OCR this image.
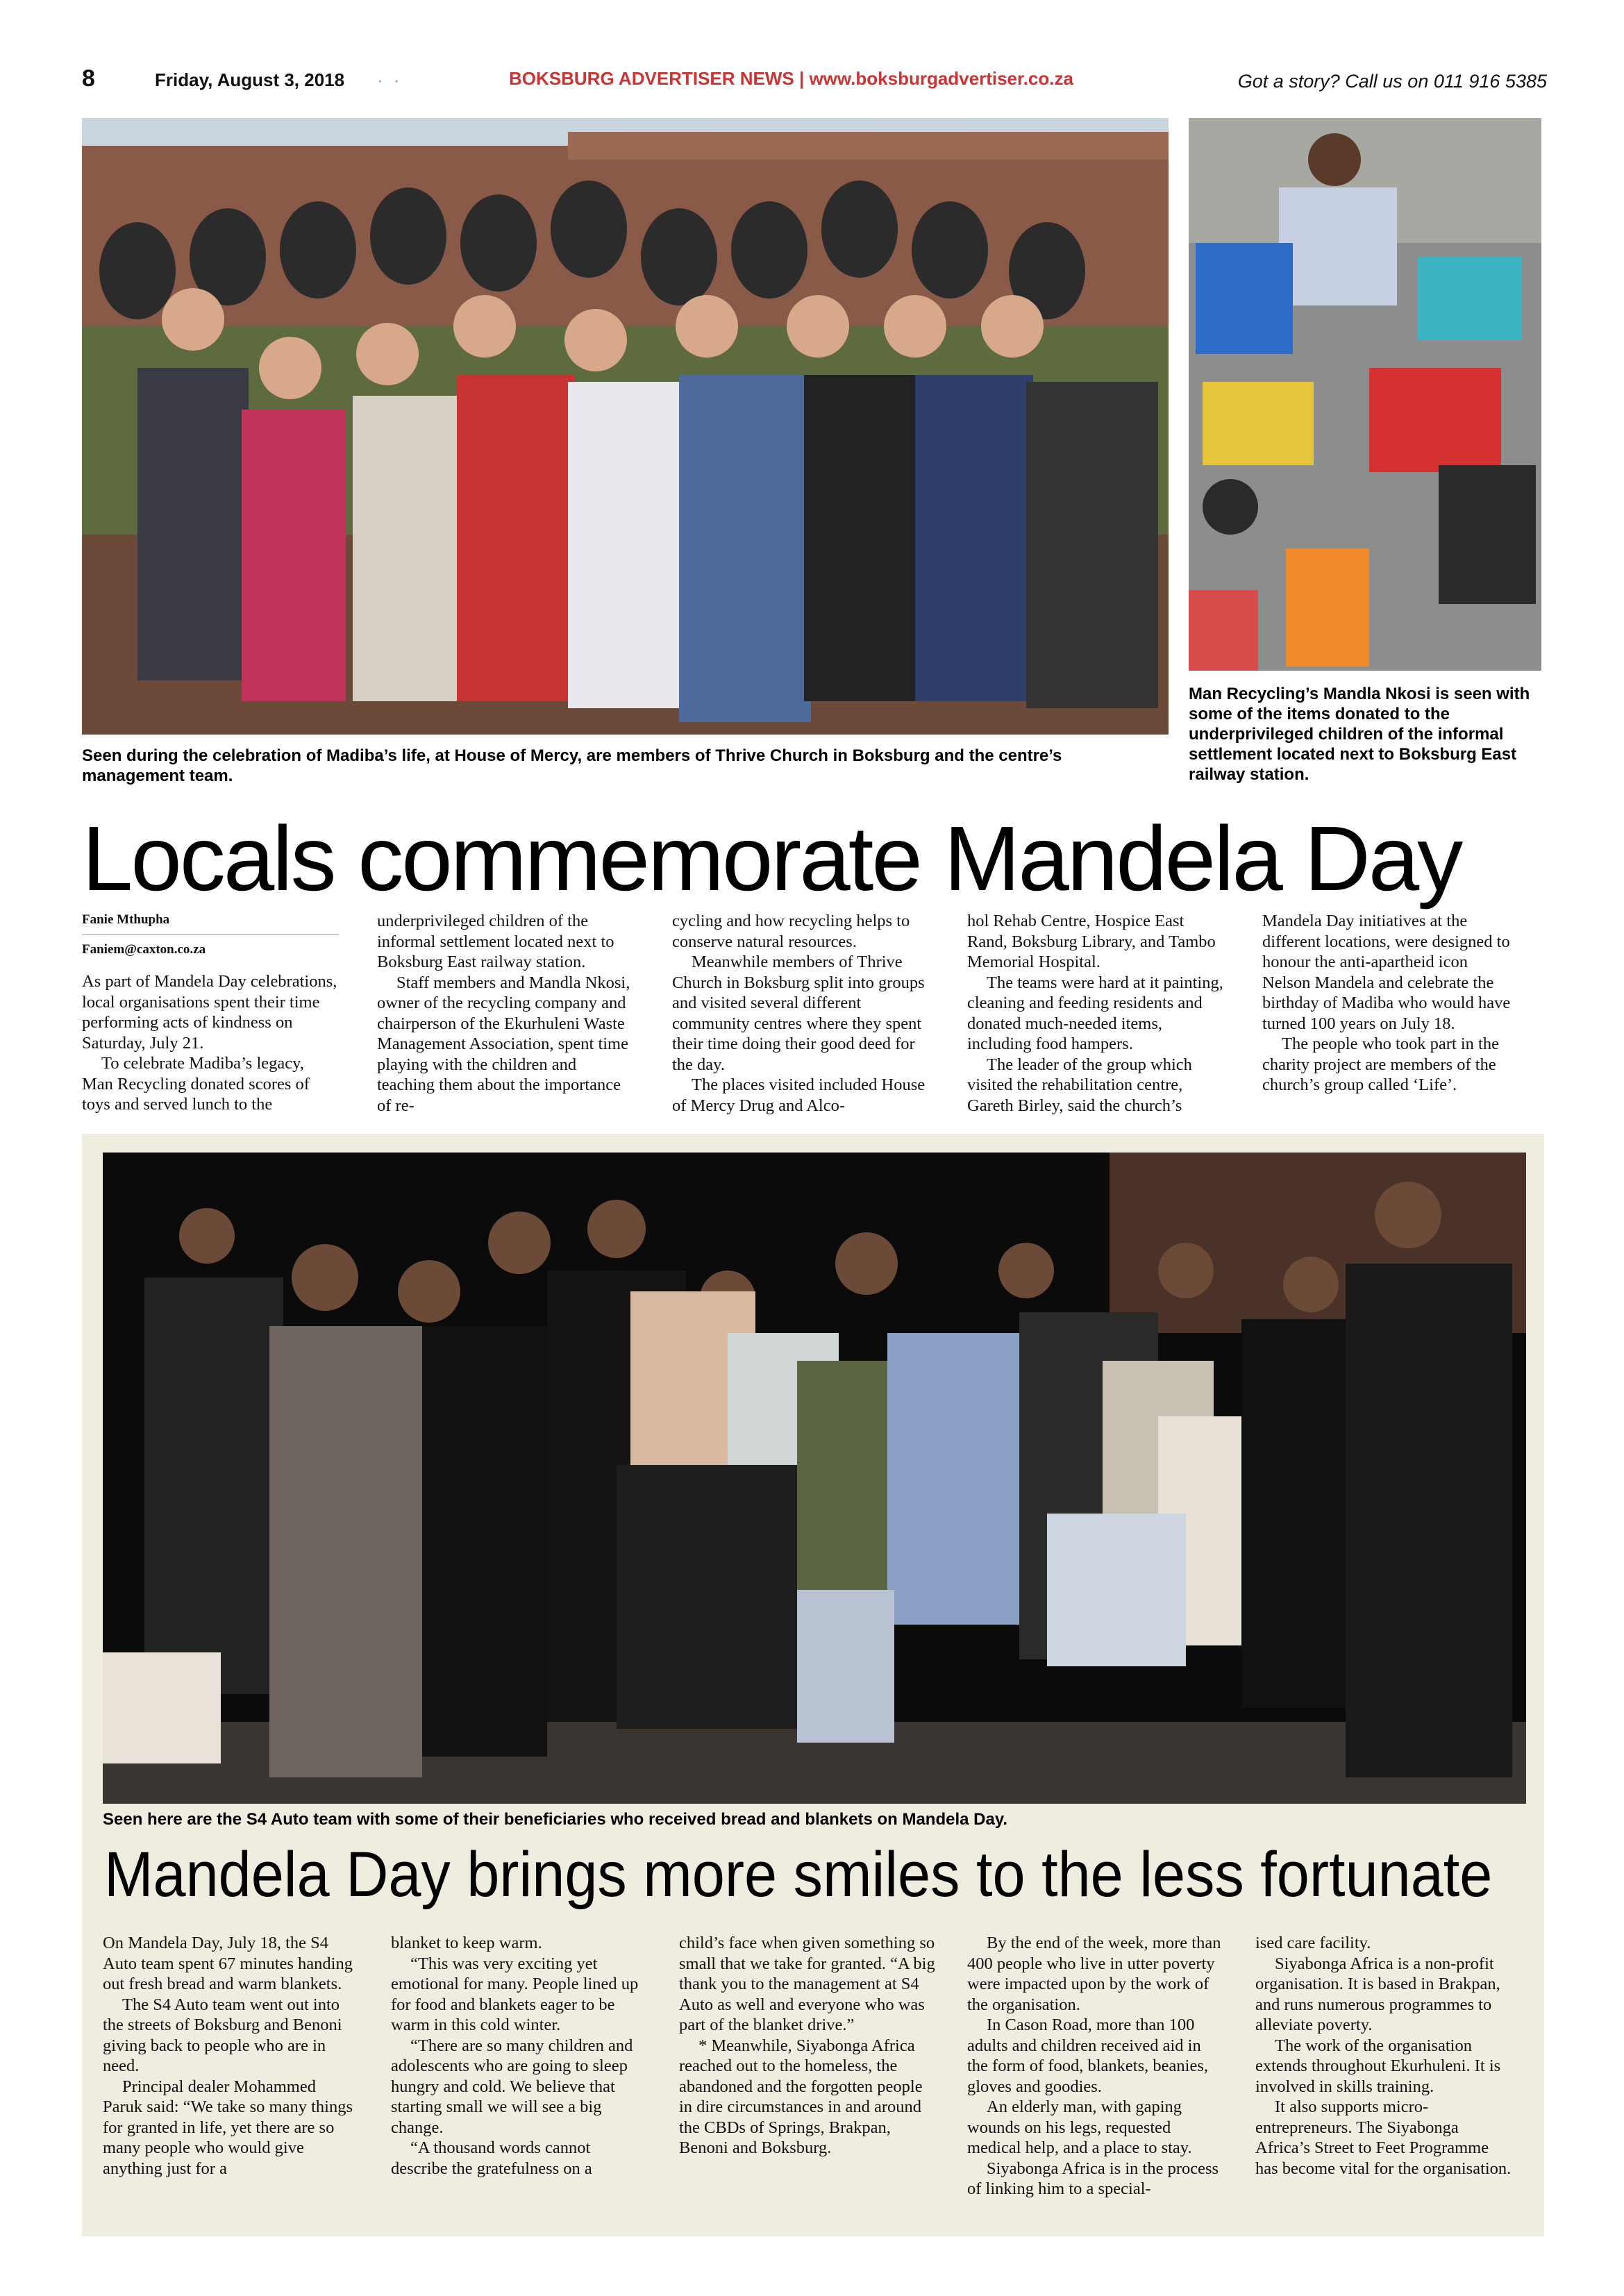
8	Friday, August 3, 2018 · ·	BOKSBURG ADVERTISER NEWS | www.boksburgadvertiser.co.za	Got a story? Call us on 011 916 5385
Seen during the celebration of Madiba’s life, at House of Mercy, are members of Thrive Church in Boksburg and the centre’s management team.
Man Recycling’s Mandla Nkosi is seen with some of the items donated to the underprivileged children of the informal settlement located next to Boksburg East railway station.
Locals commemorate Mandela Day
Fanie Mthupha
Faniem@caxton.co.za

As part of Mandela Day celebrations, local organisations spent their time performing acts of kindness on Saturday, July 21.

To celebrate Madiba’s legacy, Man Recycling donated scores of toys and served lunch to the

underprivileged children of the informal settlement located next to Boksburg East railway station.

Staff members and Mandla Nkosi, owner of the recycling company and chairperson of the Ekurhuleni Waste Management Association, spent time playing with the children and teaching them about the importance of re-

cycling and how recycling helps to conserve natural resources.

Meanwhile members of Thrive Church in Boksburg split into groups and visited several different community centres where they spent their time doing their good deed for the day.

The places visited included House of Mercy Drug and Alco-

hol Rehab Centre, Hospice East Rand, Boksburg Library, and Tambo Memorial Hospital.

The teams were hard at it painting, cleaning and feeding residents and donated much-needed items, including food hampers.

The leader of the group which visited the rehabilitation centre, Gareth Birley, said the church’s

Mandela Day initiatives at the different locations, were designed to honour the anti-apartheid icon Nelson Mandela and celebrate the birthday of Madiba who would have turned 100 years on July 18.

The people who took part in the charity project are members of the church’s group called ‘Life’.

Seen here are the S4 Auto team with some of their beneficiaries who received bread and blankets on Mandela Day.
Mandela Day brings more smiles to the less fortunate

On Mandela Day, July 18, the S4 Auto team spent 67 minutes handing out fresh bread and warm blankets.

The S4 Auto team went out into the streets of Boksburg and Benoni giving back to people who are in need.

Principal dealer Mohammed Paruk said: “We take so many things for granted in life, yet there are so many people who would give anything just for a

blanket to keep warm.

“This was very exciting yet emotional for many. People lined up for food and blankets eager to be warm in this cold winter.

“There are so many children and adolescents who are going to sleep hungry and cold. We believe that starting small we will see a big change.

“A thousand words cannot describe the gratefulness on a

child’s face when given something so small that we take for granted. “A big thank you to the management at S4 Auto as well and everyone who was part of the blanket drive.”

* Meanwhile, Siyabonga Africa reached out to the homeless, the abandoned and the forgotten people in dire circumstances in and around the CBDs of Springs, Brakpan, Benoni and Boksburg.

By the end of the week, more than 400 people who live in utter poverty were impacted upon by the work of the organisation.

In Cason Road, more than 100 adults and children received aid in the form of food, blankets, beanies, gloves and goodies.

An elderly man, with gaping wounds on his legs, requested medical help, and a place to stay.

Siyabonga Africa is in the process of linking him to a special-

ised care facility.

Siyabonga Africa is a non-profit organisation. It is based in Brakpan, and runs numerous programmes to alleviate poverty.

The work of the organisation extends throughout Ekurhuleni. It is involved in skills training.

It also supports micro- entrepreneurs. The Siyabonga Africa’s Street to Feet Programme has become vital for the organisation.
